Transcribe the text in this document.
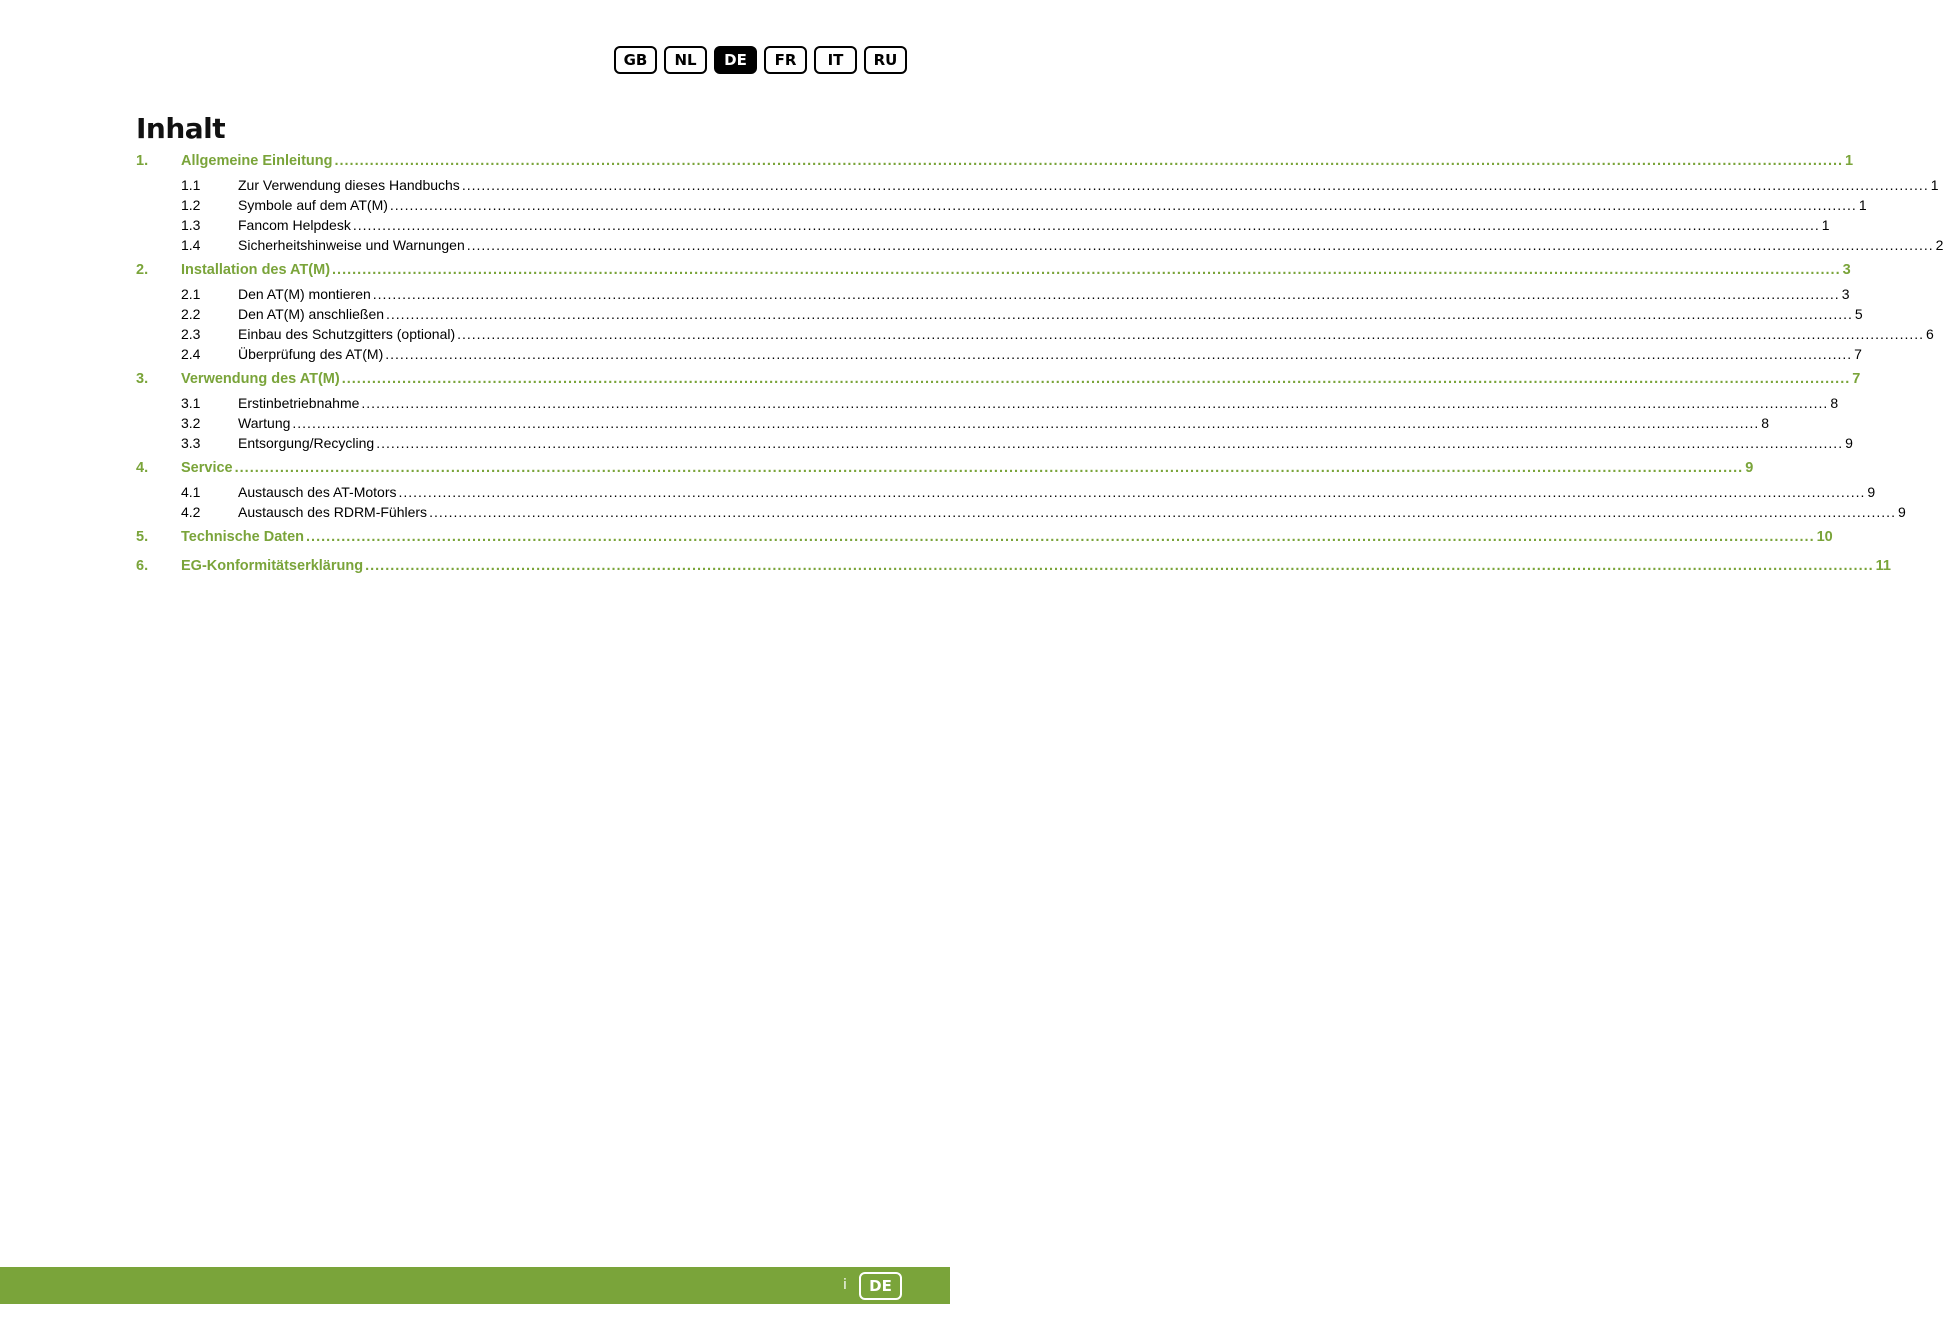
GB	NL	DE	FR	IT	RU
Inhalt
1.	Allgemeine Einleitung ............................................................................................................................................................................................................................................................................................................ 1
1.1	Zur Verwendung dieses Handbuchs ............................................................................................................................................................................................................................................................................................................ 1
1.2	Symbole auf dem AT(M) ............................................................................................................................................................................................................................................................................................................ 1
1.3	Fancom Helpdesk ............................................................................................................................................................................................................................................................................................................ 1
1.4	Sicherheitshinweise und Warnungen ............................................................................................................................................................................................................................................................................................................ 2
2.	Installation des AT(M) ............................................................................................................................................................................................................................................................................................................ 3
2.1	Den AT(M) montieren ............................................................................................................................................................................................................................................................................................................ 3
2.2	Den AT(M) anschließen ............................................................................................................................................................................................................................................................................................................ 5
2.3	Einbau des Schutzgitters (optional) ............................................................................................................................................................................................................................................................................................................ 6
2.4	Überprüfung des AT(M) ............................................................................................................................................................................................................................................................................................................ 7
3.	Verwendung des AT(M) ............................................................................................................................................................................................................................................................................................................ 7
3.1	Erstinbetriebnahme ............................................................................................................................................................................................................................................................................................................ 8
3.2	Wartung ............................................................................................................................................................................................................................................................................................................ 8
3.3	Entsorgung/Recycling ............................................................................................................................................................................................................................................................................................................ 9
4.	Service ............................................................................................................................................................................................................................................................................................................ 9
4.1	Austausch des AT-Motors ............................................................................................................................................................................................................................................................................................................ 9
4.2	Austausch des RDRM-Fühlers ............................................................................................................................................................................................................................................................................................................ 9
5.	Technische Daten ............................................................................................................................................................................................................................................................................................................ 10
6.	EG-Konformitätserklärung ............................................................................................................................................................................................................................................................................................................ 11
i	DE
